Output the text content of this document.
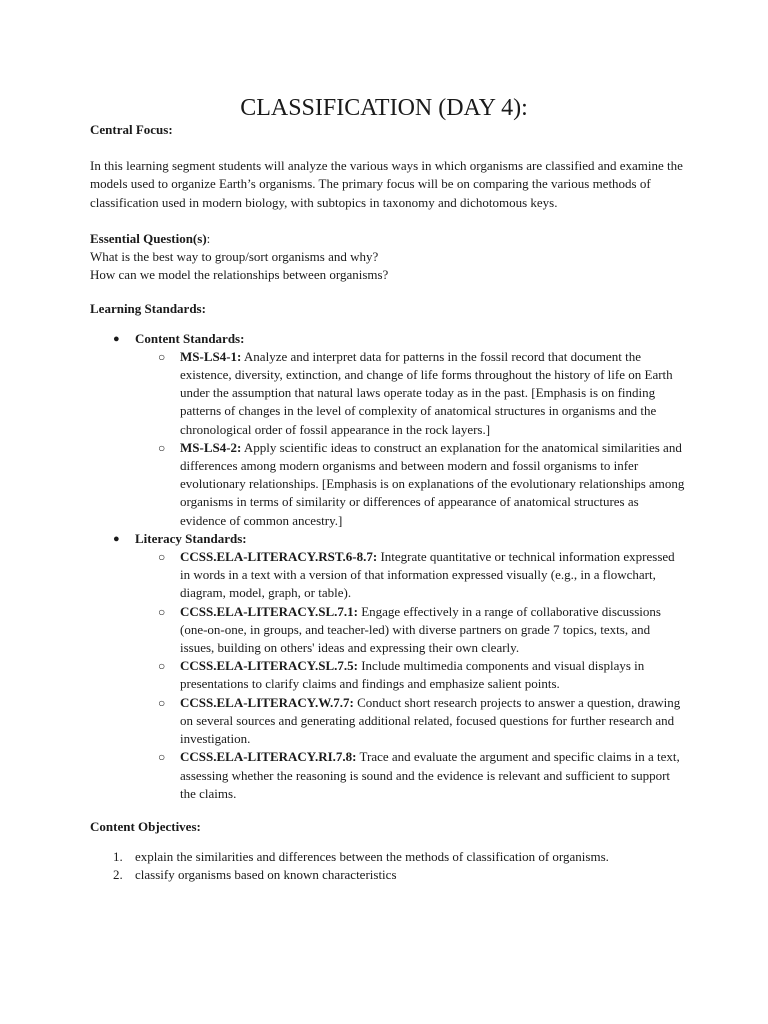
CLASSIFICATION (DAY 4):

Central Focus:

In this learning segment students will analyze the various ways in which organisms are classified and examine the models used to organize Earth’s organisms. The primary focus will be on comparing the various methods of classification used in modern biology, with subtopics in taxonomy and dichotomous keys.

Essential Question(s):

What is the best way to group/sort organisms and why?

How can we model the relationships between organisms?

Learning Standards:

● Content Standards:
○ MS-LS4-1: Analyze and interpret data for patterns in the fossil record that document the existence, diversity, extinction, and change of life forms throughout the history of life on Earth under the assumption that natural laws operate today as in the past. [Emphasis is on finding patterns of changes in the level of complexity of anatomical structures in organisms and the chronological order of fossil appearance in the rock layers.]
○ MS-LS4-2: Apply scientific ideas to construct an explanation for the anatomical similarities and differences among modern organisms and between modern and fossil organisms to infer evolutionary relationships. [Emphasis is on explanations of the evolutionary relationships among organisms in terms of similarity or differences of appearance of anatomical structures as evidence of common ancestry.]
● Literacy Standards:
○ CCSS.ELA-LITERACY.RST.6-8.7: Integrate quantitative or technical information expressed in words in a text with a version of that information expressed visually (e.g., in a flowchart, diagram, model, graph, or table).
○ CCSS.ELA-LITERACY.SL.7.1: Engage effectively in a range of collaborative discussions (one-on-one, in groups, and teacher-led) with diverse partners on grade 7 topics, texts, and issues, building on others' ideas and expressing their own clearly.
○ CCSS.ELA-LITERACY.SL.7.5: Include multimedia components and visual displays in presentations to clarify claims and findings and emphasize salient points.
○ CCSS.ELA-LITERACY.W.7.7: Conduct short research projects to answer a question, drawing on several sources and generating additional related, focused questions for further research and investigation.
○ CCSS.ELA-LITERACY.RI.7.8: Trace and evaluate the argument and specific claims in a text, assessing whether the reasoning is sound and the evidence is relevant and sufficient to support the claims.

Content Objectives:

1. explain the similarities and differences between the methods of classification of organisms.
2. classify organisms based on known characteristics
